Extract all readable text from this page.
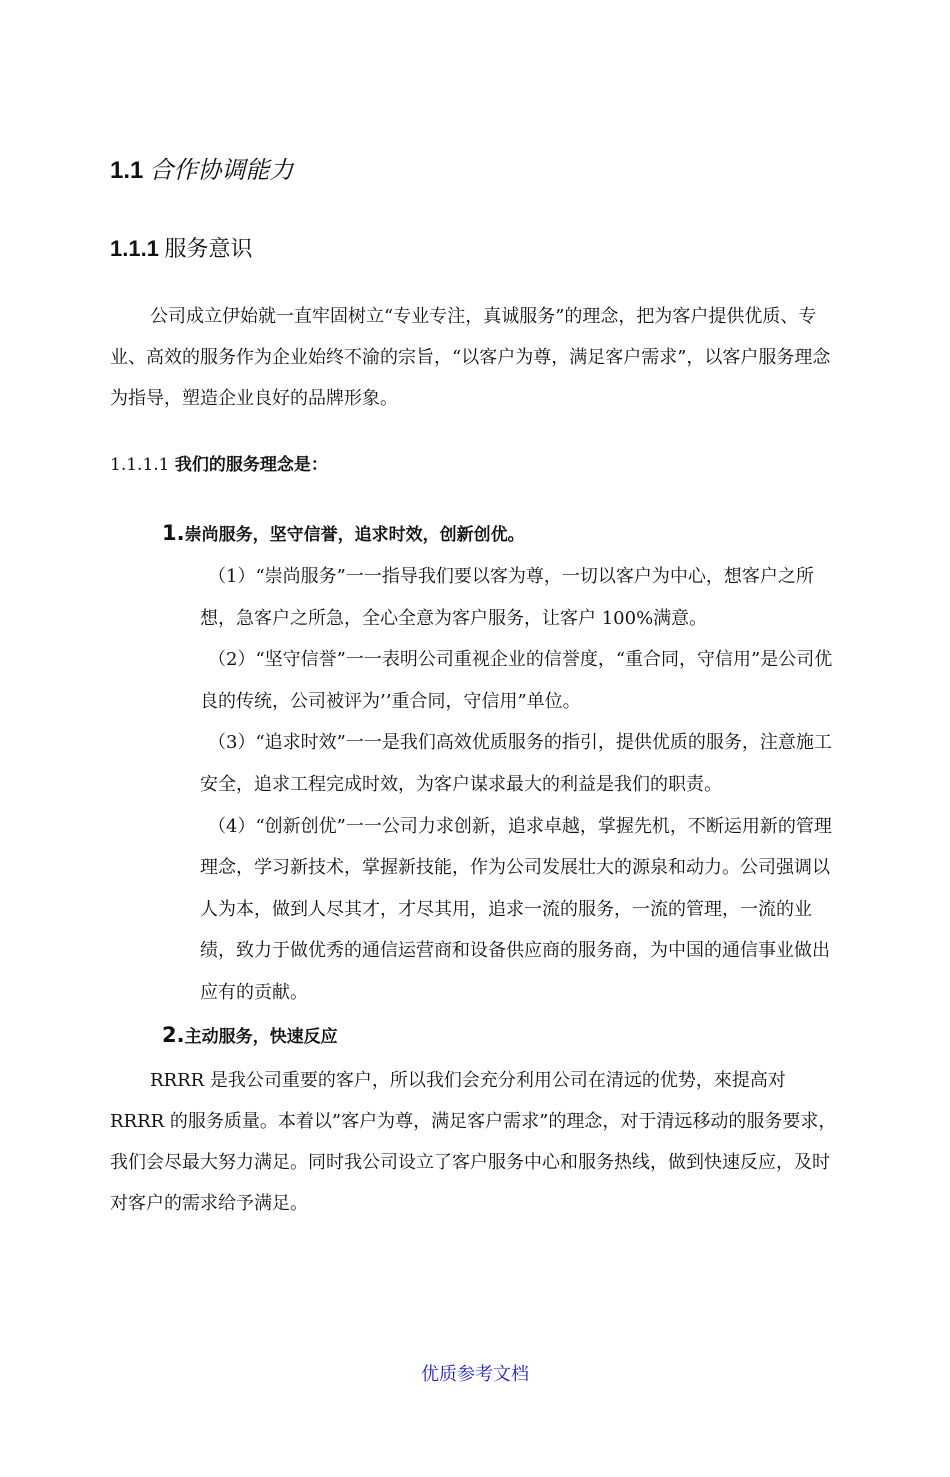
1.1 合作协调能力
1.1.1 服务意识

公司成立伊始就一直牢固树立“专业专注，真诚服务”的理念，把为客户提供优质、专业、高效的服务作为企业始终不渝的宗旨，“以客户为尊，满足客户需求”，以客户服务理念为指导，塑造企业良好的品牌形象。

1.1.1.1 我们的服务理念是：
1.崇尚服务，坚守信誉，追求时效，创新创优。

（1）“崇尚服务”一一指导我们要以客为尊，一切以客户为中心，想客户之所想，急客户之所急，全心全意为客户服务，让客户 100%满意。

（2）“坚守信誉”一一表明公司重视企业的信誉度，“重合同，守信用”是公司优良的传统，公司被评为’’重合同，守信用”单位。

（3）“追求时效”一一是我们高效优质服务的指引，提供优质的服务，注意施工安全，追求工程完成时效，为客户谋求最大的利益是我们的职责。

（4）“创新创优”一一公司力求创新，追求卓越，掌握先机，不断运用新的管理理念，学习新技术，掌握新技能，作为公司发展壮大的源泉和动力。公司强调以人为本，做到人尽其才，才尽其用，追求一流的服务，一流的管理，一流的业绩，致力于做优秀的通信运营商和设备供应商的服务商，为中国的通信事业做出应有的贡献。

2.主动服务，快速反应

RRRR 是我公司重要的客户，所以我们会充分利用公司在清远的优势，來提高对 RRRR 的服务质量。本着以”客户为尊，满足客户需求”的理念，对于清远移动的服务要求，我们会尽最大努力满足。同时我公司设立了客户服务中心和服务热线，做到快速反应，及时对客户的需求给予满足。

优质参考文档
